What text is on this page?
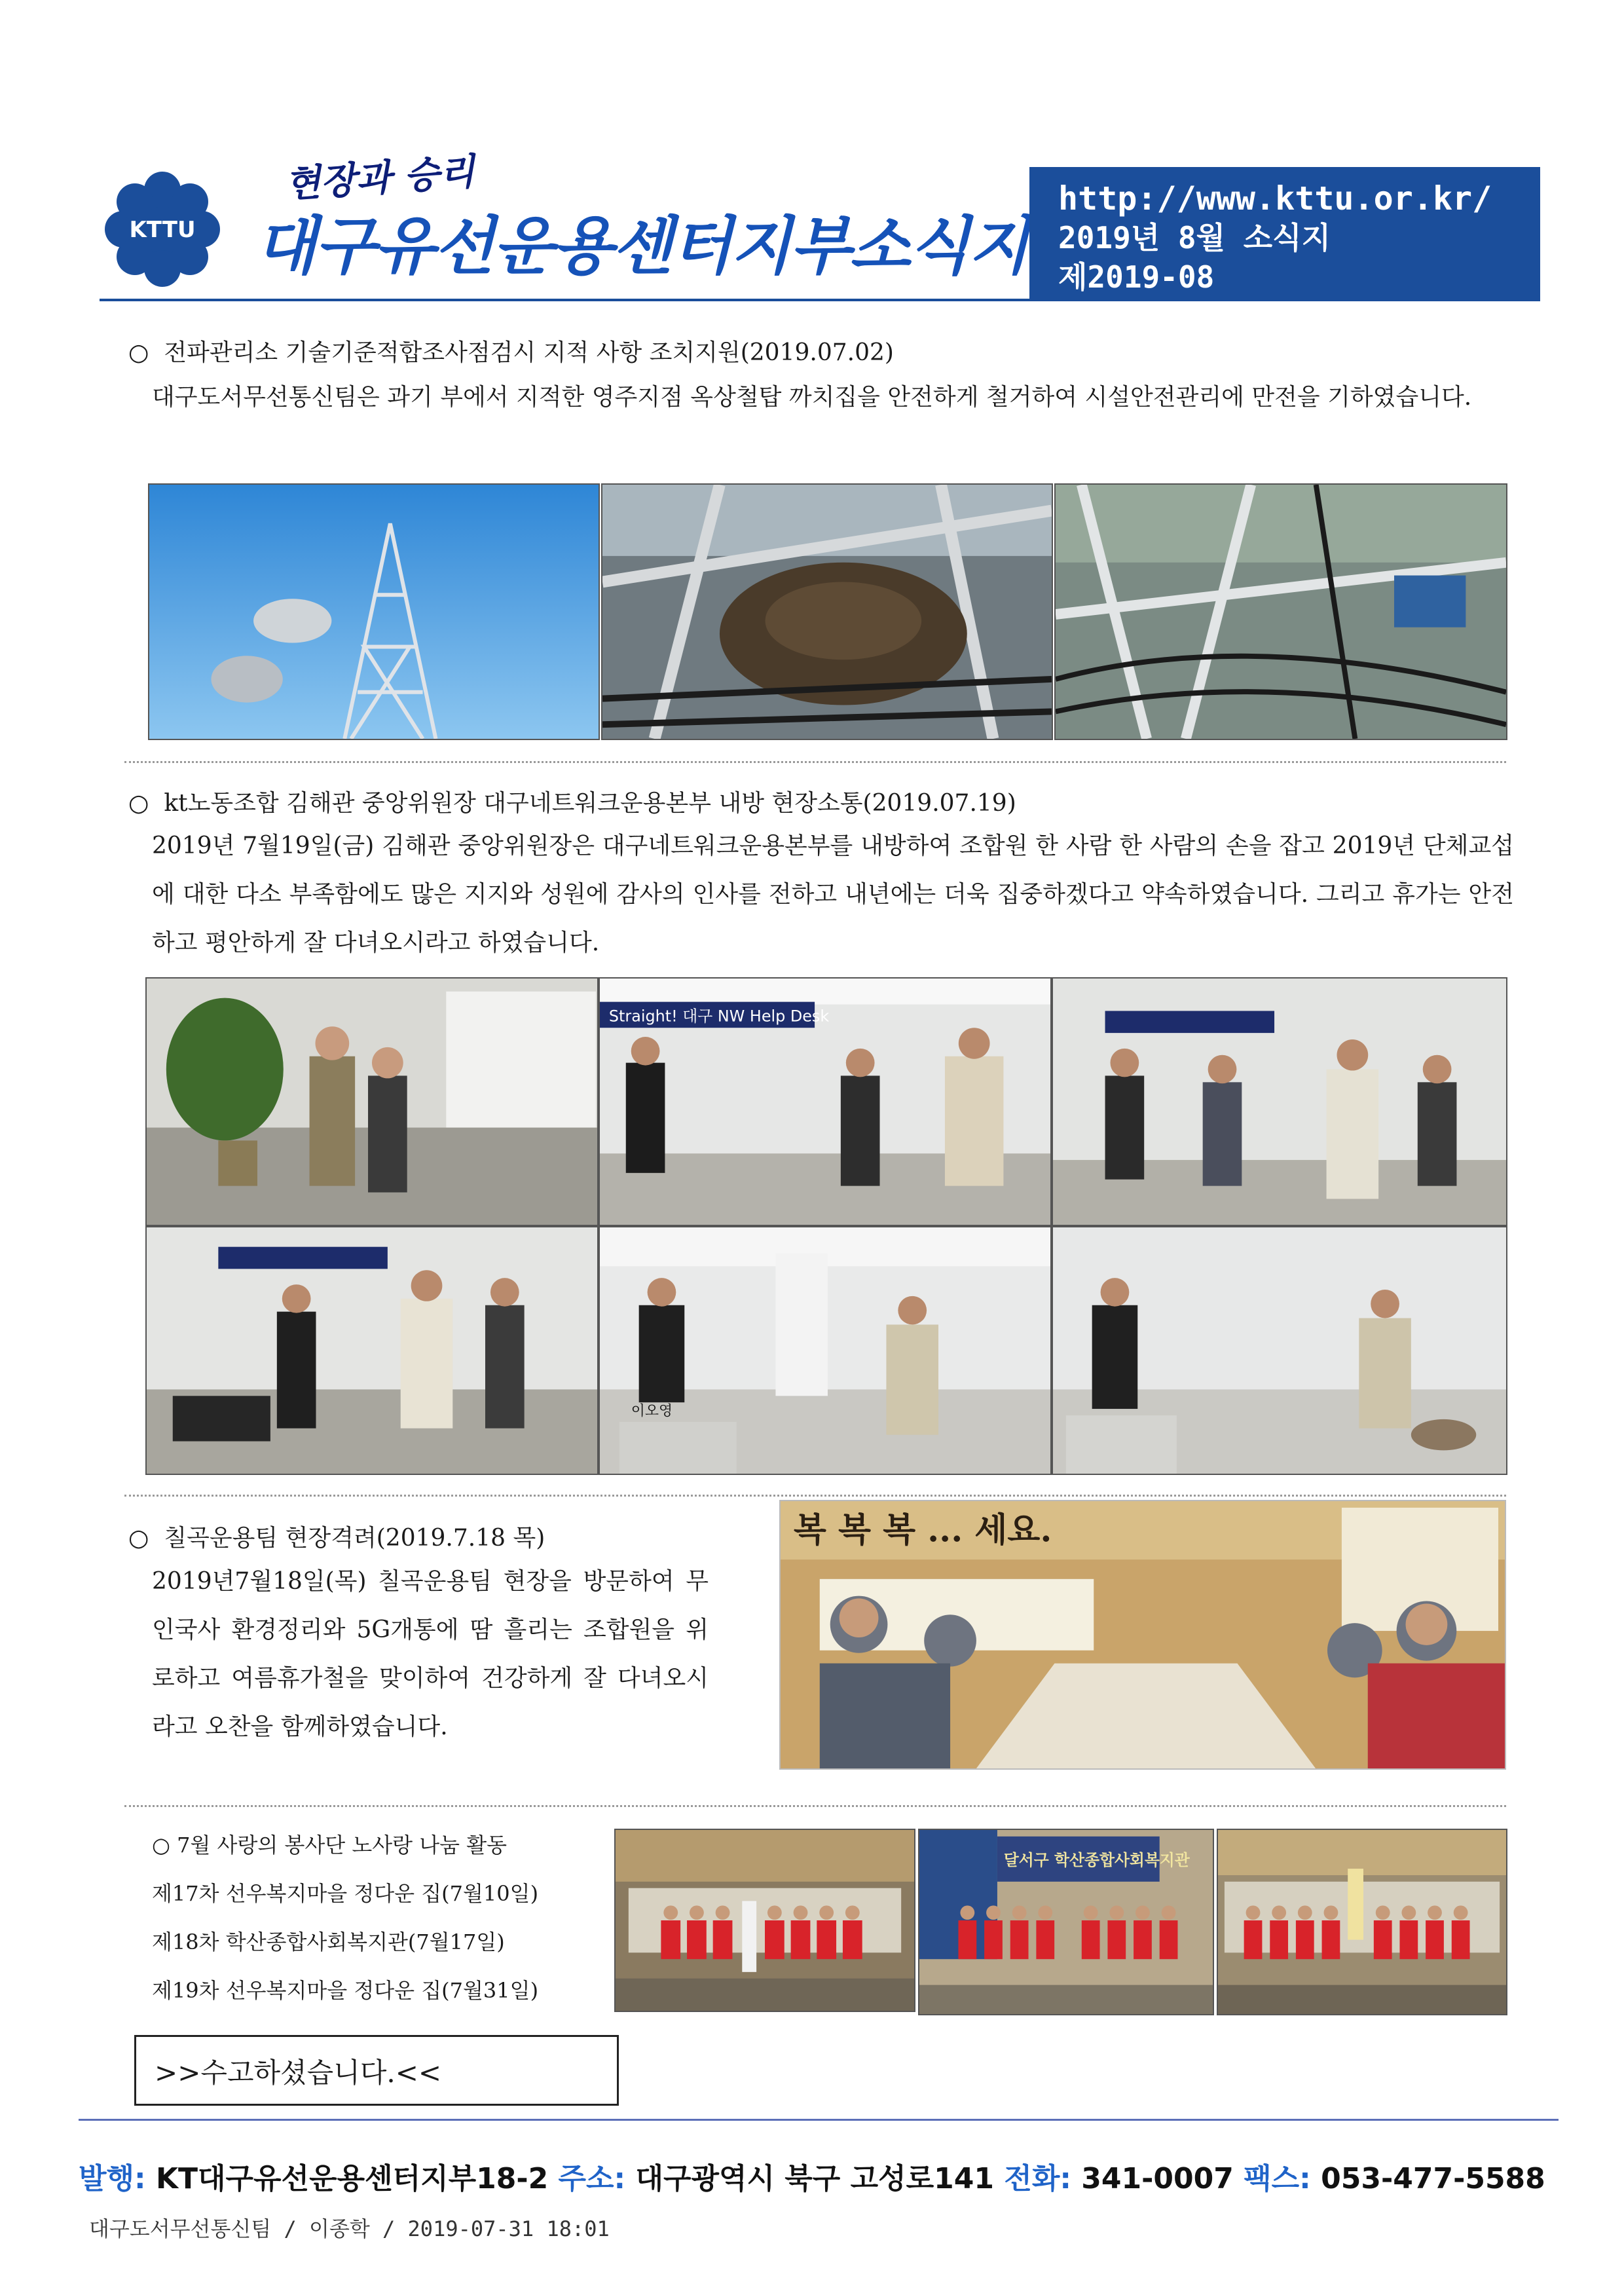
KTTU
현장과 승리
대구유선운용센터지부소식지
http://www.kttu.or.kr/
2019년 8월 소식지
제2019-08
○ 전파관리소 기술기준적합조사점검시 지적 사항 조치지원(2019.07.02)
대구도서무선통신팀은 과기 부에서 지적한 영주지점 옥상철탑 까치집을 안전하게 철거하여 시설안전관리에 만전을 기하였습니다.
○ kt노동조합 김해관 중앙위원장 대구네트워크운용본부 내방 현장소통(2019.07.19)
2019년 7월19일(금) 김해관 중앙위원장은 대구네트워크운용본부를 내방하여 조합원 한 사람 한 사람의 손을 잡고 2019년 단체교섭에 대한 다소 부족함에도 많은 지지와 성원에 감사의 인사를 전하고 내년에는 더욱 집중하겠다고 약속하였습니다. 그리고 휴가는 안전하고 평안하게 잘 다녀오시라고 하였습니다.
Straight! 대구 NW Help Desk
이오영
○ 칠곡운용팀 현장격려(2019.7.18 목)
2019년7월18일(목) 칠곡운용팀 현장을 방문하여 무인국사 환경정리와 5G개통에 땀 흘리는 조합원을 위로하고 여름휴가철을 맞이하여 건강하게 잘 다녀오시라고 오찬을 함께하였습니다.
복 복 복 ... 세요.
○ 7월 사랑의 봉사단 노사랑 나눔 활동
제17차 선우복지마을 정다운 집(7월10일)
제18차 학산종합사회복지관(7월17일)
제19차 선우복지마을 정다운 집(7월31일)
달서구 학산종합사회복지관
>>수고하셨습니다.<<
발행: KT대구유선운용센터지부18-2 주소: 대구광역시 북구 고성로141 전화: 341-0007 팩스: 053-477-5588
대구도서무선통신팀 / 이종학 / 2019-07-31 18:01
